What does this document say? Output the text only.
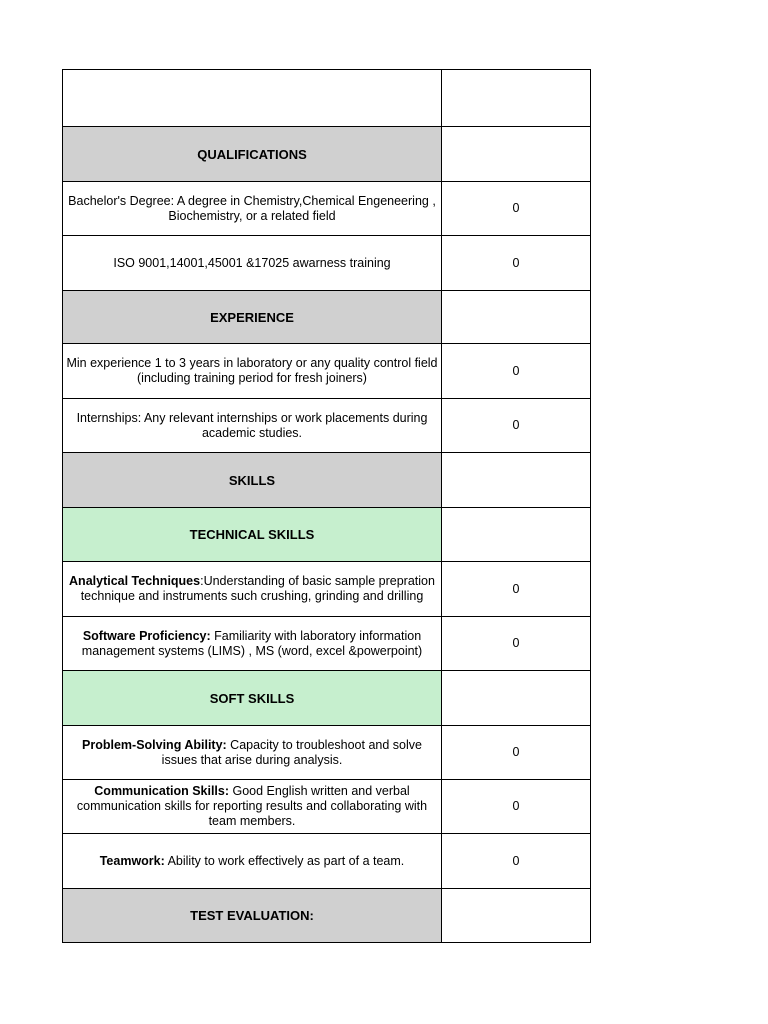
QUALIFICATIONS	
Bachelor's Degree: A degree in Chemistry,Chemical Engeneering , Biochemistry, or a related field	0
ISO 9001,14001,45001 &17025 awarness training	0
EXPERIENCE	
Min experience 1 to 3 years in laboratory or any quality control field (including training period for fresh joiners)	0
Internships: Any relevant internships or work placements during academic studies.	0
SKILLS	
TECHNICAL SKILLS	
Analytical Techniques:Understanding of basic sample prepration technique and instruments such crushing, grinding and drilling	0
Software Proficiency: Familiarity with laboratory information management systems (LIMS) , MS (word, excel &powerpoint)	0
SOFT SKILLS	
Problem-Solving Ability: Capacity to troubleshoot and solve issues that arise during analysis.	0
Communication Skills: Good English written and verbal communication skills for reporting results and collaborating with team members.	0
Teamwork: Ability to work effectively as part of a team.	0
TEST EVALUATION:	
